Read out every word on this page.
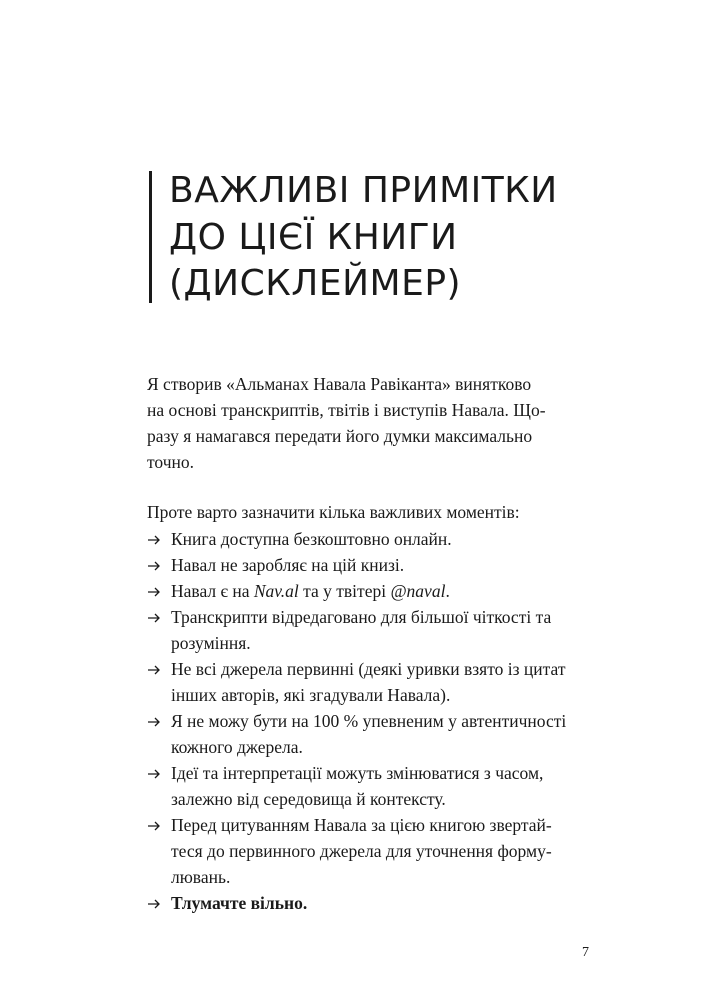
ВАЖЛИВІ ПРИМІТКИ
ДО ЦІЄЇ КНИГИ
(ДИСКЛЕЙМЕР)
Я створив «Альманах Навала Равіканта» винятково
на основі транскриптів, твітів і виступів Навала. Що-
разу я намагався передати його думки максимально
точно.
Проте варто зазначити кілька важливих моментів:
Книга доступна безкоштовно онлайн.
Навал не заробляє на цій книзі.
Навал є на Nav.al та у твітері @naval.
Транскрипти відредаговано для більшої чіткості та
розуміння.
Не всі джерела первинні (деякі уривки взято із цитат
інших авторів, які згадували Навала).
Я не можу бути на 100 % упевненим у автентичності
кожного джерела.
Ідеї та інтерпретації можуть змінюватися з часом,
залежно від середовища й контексту.
Перед цитуванням Навала за цією книгою звертай-
теся до первинного джерела для уточнення форму-
лювань.
Тлумачте вільно.
7
